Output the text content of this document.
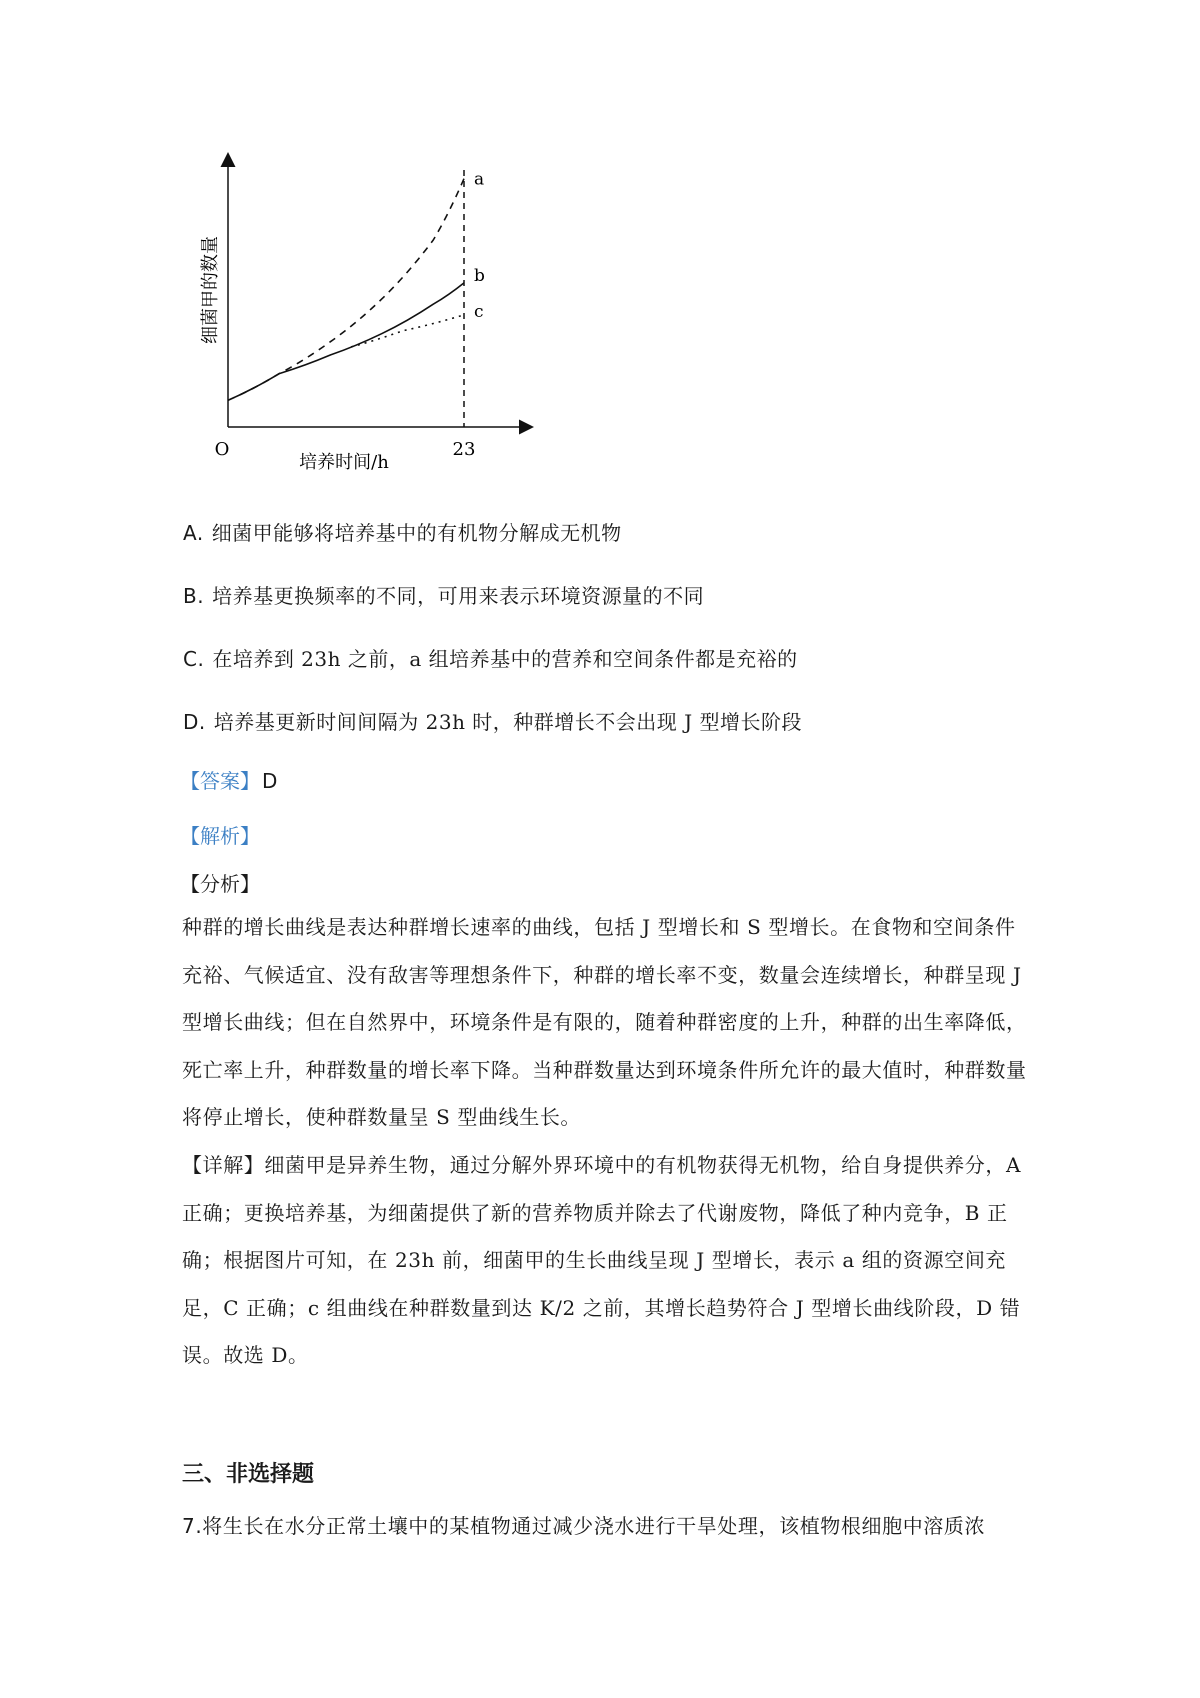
细菌甲的数量
培养时间/h
O	23
a
b
c
A. 细菌甲能够将培养基中的有机物分解成无机物
B. 培养基更换频率的不同，可用来表示环境资源量的不同
C. 在培养到 23h 之前，a 组培养基中的营养和空间条件都是充裕的
D. 培养基更新时间间隔为 23h 时，种群增长不会出现 J 型增长阶段
【答案】 D
【解析】
【分析】
种群的增长曲线是表达种群增长速率的曲线，包括 J 型增长和 S 型增长。在食物和空间条件充裕、气候适宜、没有敌害等理想条件下，种群的增长率不变，数量会连续增长，种群呈现 J 型增长曲线；但在自然界中，环境条件是有限的，随着种群密度的上升，种群的出生率降低，死亡率上升，种群数量的增长率下降。当种群数量达到环境条件所允许的最大值时，种群数量将停止增长，使种群数量呈 S 型曲线生长。
【详解】细菌甲是异养生物，通过分解外界环境中的有机物获得无机物，给自身提供养分，A 正确；更换培养基，为细菌提供了新的营养物质并除去了代谢废物，降低了种内竞争，B 正确；根据图片可知，在 23h 前，细菌甲的生长曲线呈现 J 型增长，表示 a 组的资源空间充足，C 正确；c 组曲线在种群数量到达 K/2 之前，其增长趋势符合 J 型增长曲线阶段，D 错误。故选 D。
三、非选择题
7.将生长在水分正常土壤中的某植物通过减少浇水进行干旱处理，该植物根细胞中溶质浓
